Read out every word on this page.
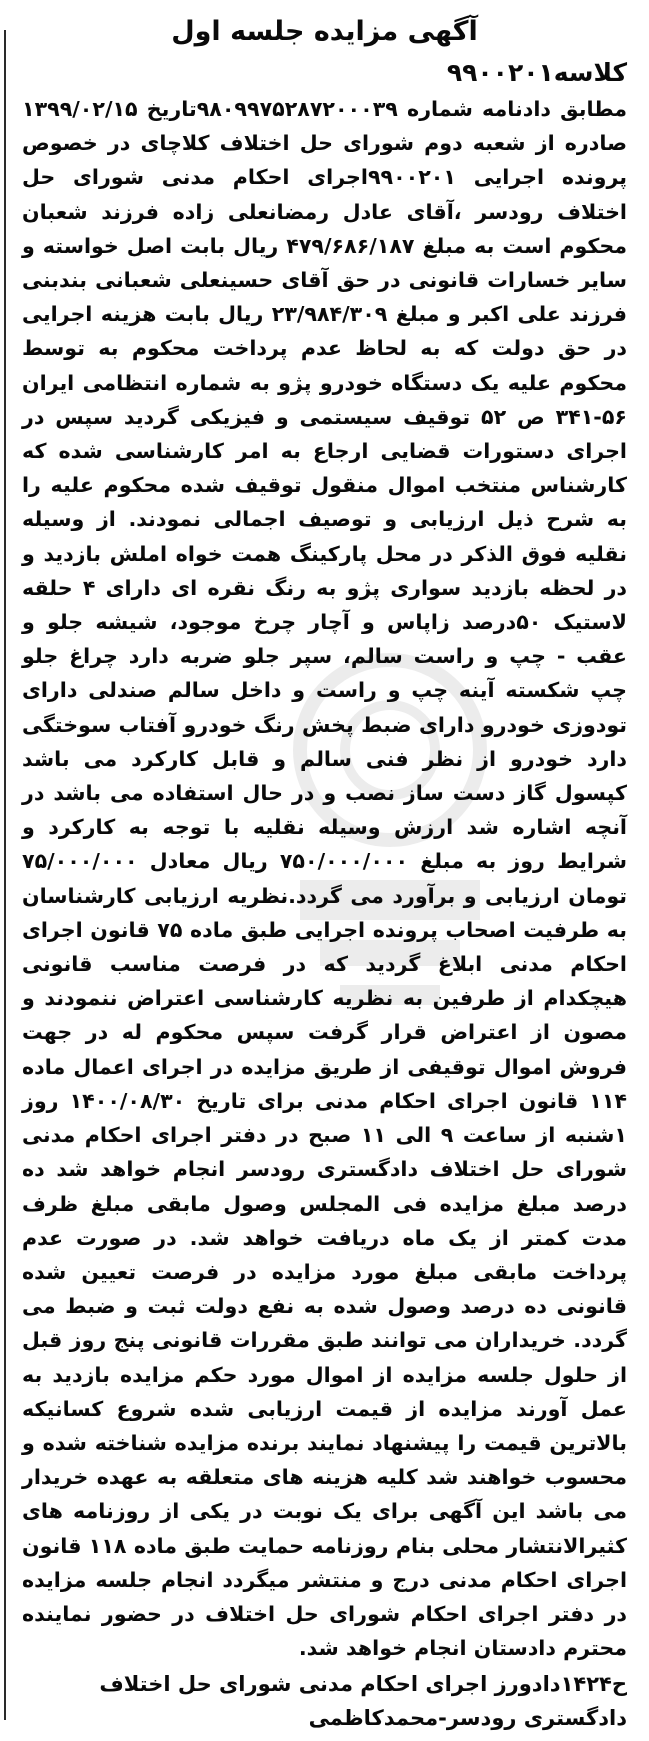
آگهی مزایده جلسه اول

کلاسه۹۹۰۰۲۰۱

مطابق دادنامه شماره ۹۸۰۹۹۷۵۲۸۷۲۰۰۰۳۹تاریخ ۱۳۹۹/۰۲/۱۵ صادره از شعبه دوم شورای حل اختلاف کلاچای در خصوص پرونده اجرایی ۹۹۰۰۲۰۱اجرای احکام مدنی شورای حل اختلاف رودسر ،آقای عادل رمضانعلی زاده فرزند شعبان محکوم است به مبلغ ۴۷۹/۶۸۶/۱۸۷ ریال بابت اصل خواسته و سایر خسارات قانونی در حق آقای حسینعلی شعبانی بندبنی فرزند علی اکبر و مبلغ ۲۳/۹۸۴/۳۰۹ ریال بابت هزینه اجرایی در حق دولت که به لحاظ عدم پرداخت محکوم به توسط محکوم علیه یک دستگاه خودرو پژو به شماره انتظامی ایران ۵۶-۳۴۱ ص ۵۲ توقیف سیستمی و فیزیکی گردید سپس در اجرای دستورات قضایی ارجاع به امر کارشناسی شده که کارشناس منتخب اموال منقول توقیف شده محکوم علیه را به شرح ذیل ارزیابی و توصیف اجمالی نمودند. از وسیله نقلیه فوق الذکر در محل پارکینگ همت خواه املش بازدید و در لحظه بازدید سواری پژو به رنگ نقره ای دارای ۴ حلقه لاستیک ۵۰درصد زاپاس و آچار چرخ موجود، شیشه جلو و عقب - چپ و راست سالم، سپر جلو ضربه دارد چراغ جلو چپ شکسته آینه چپ و راست و داخل سالم صندلی دارای تودوزی خودرو دارای ضبط پخش رنگ خودرو آفتاب سوختگی دارد خودرو از نظر فنی سالم و قابل کارکرد می باشد کپسول گاز دست ساز نصب و در حال استفاده می باشد در آنچه اشاره شد ارزش وسیله نقلیه با توجه به کارکرد و شرایط روز به مبلغ ۷۵۰/۰۰۰/۰۰۰ ریال معادل ۷۵/۰۰۰/۰۰۰ تومان ارزیابی و برآورد می گردد.نظریه ارزیابی کارشناسان به طرفیت اصحاب پرونده اجرایی طبق ماده ۷۵ قانون اجرای احکام مدنی ابلاغ گردید که در فرصت مناسب قانونی هیچکدام از طرفین به نظریه کارشناسی اعتراض ننمودند و مصون از اعتراض قرار گرفت سپس محکوم له در جهت فروش اموال توقیفی از طریق مزایده در اجرای اعمال ماده ۱۱۴ قانون اجرای احکام مدنی برای تاریخ ۱۴۰۰/۰۸/۳۰ روز ۱شنبه از ساعت ۹ الی ۱۱ صبح در دفتر اجرای احکام مدنی شورای حل اختلاف دادگستری رودسر انجام خواهد شد ده درصد مبلغ مزایده فی المجلس وصول مابقی مبلغ ظرف مدت کمتر از یک ماه دریافت خواهد شد. در صورت عدم پرداخت مابقی مبلغ مورد مزایده در فرصت تعیین شده قانونی ده درصد وصول شده به نفع دولت ثبت و ضبط می گردد. خریداران می توانند طبق مقررات قانونی پنج روز قبل از حلول جلسه مزایده از اموال مورد حکم مزایده بازدید به عمل آورند مزایده از قیمت ارزیابی شده شروع کسانیکه بالاترین قیمت را پیشنهاد نمایند برنده مزایده شناخته شده و محسوب خواهند شد کلیه هزینه های متعلقه به عهده خریدار می باشد این آگهی برای یک نوبت در یکی از روزنامه های کثیرالانتشار محلی بنام روزنامه حمایت طبق ماده ۱۱۸ قانون اجرای احکام مدنی درج و منتشر میگردد انجام جلسه مزایده در دفتر اجرای احکام شورای حل اختلاف در حضور نماینده محترم دادستان انجام خواهد شد.

ح۱۴۲۴دادورز اجرای احکام مدنی شورای حل اختلاف دادگستری رودسر-محمدکاظمی
